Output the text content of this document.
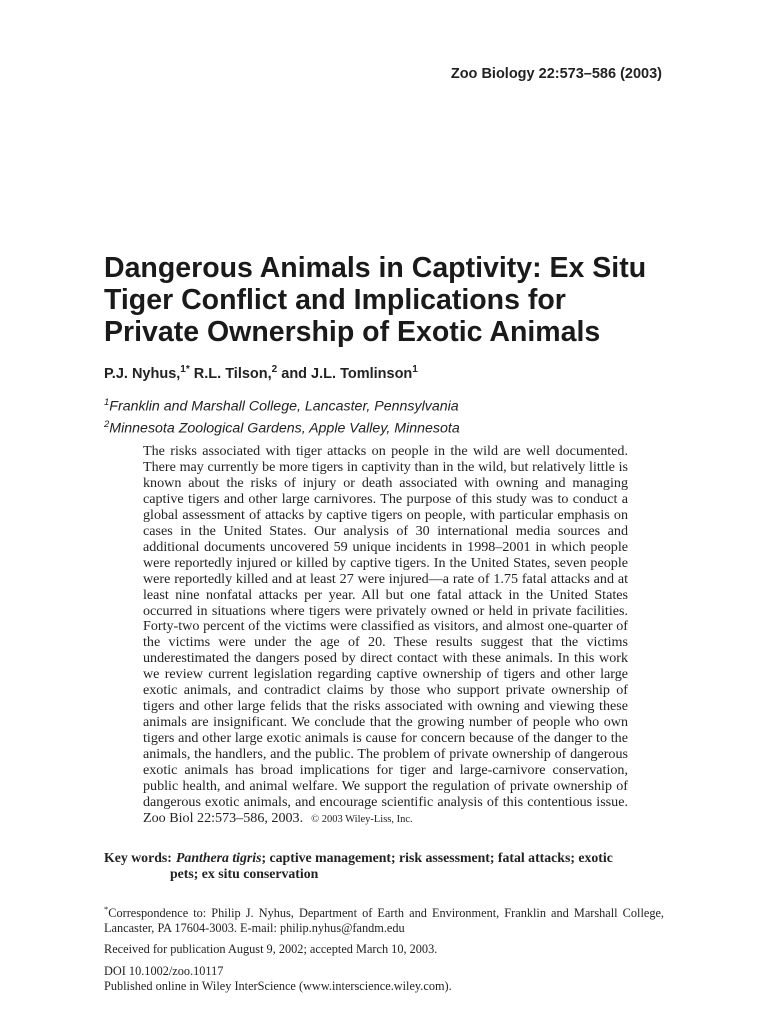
Zoo Biology 22:573–586 (2003)
Dangerous Animals in Captivity: Ex Situ
Tiger Conflict and Implications for
Private Ownership of Exotic Animals
P.J. Nyhus,$^{1*}$ R.L. Tilson,$^2$ and J.L. Tomlinson$^1$
$^1$Franklin and Marshall College, Lancaster, Pennsylvania
$^2$Minnesota Zoological Gardens, Apple Valley, Minnesota
The risks associated with tiger attacks on people in the wild are well documented. There may currently be more tigers in captivity than in the wild, but relatively little is known about the risks of injury or death associated with owning and managing captive tigers and other large carnivores. The purpose of this study was to conduct a global assessment of attacks by captive tigers on people, with particular emphasis on cases in the United States. Our analysis of 30 international media sources and additional documents uncovered 59 unique incidents in 1998–2001 in which people were reportedly injured or killed by captive tigers. In the United States, seven people were reportedly killed and at least 27 were injured—a rate of 1.75 fatal attacks and at least nine nonfatal attacks per year. All but one fatal attack in the United States occurred in situations where tigers were privately owned or held in private facilities. Forty-two percent of the victims were classified as visitors, and almost one-quarter of the victims were under the age of 20. These results suggest that the victims underestimated the dangers posed by direct contact with these animals. In this work we review current legislation regarding captive ownership of tigers and other large exotic animals, and contradict claims by those who support private ownership of tigers and other large felids that the risks associated with owning and viewing these animals are insignificant. We conclude that the growing number of people who own tigers and other large exotic animals is cause for concern because of the danger to the animals, the handlers, and the public. The problem of private ownership of dangerous exotic animals has broad implications for tiger and large-carnivore conservation, public health, and animal welfare. We support the regulation of private ownership of dangerous exotic animals, and encourage scientific analysis of this contentious issue. Zoo Biol 22:573–586, 2003. © 2003 Wiley-Liss, Inc.
Key words: Panthera tigris; captive management; risk assessment; fatal attacks; exotic
pets; ex situ conservation

*Correspondence to: Philip J. Nyhus, Department of Earth and Environment, Franklin and Marshall College, Lancaster, PA 17604-3003. E-mail: philip.nyhus@fandm.edu

Received for publication August 9, 2002; accepted March 10, 2003.

DOI 10.1002/zoo.10117

Published online in Wiley InterScience (www.interscience.wiley.com).
